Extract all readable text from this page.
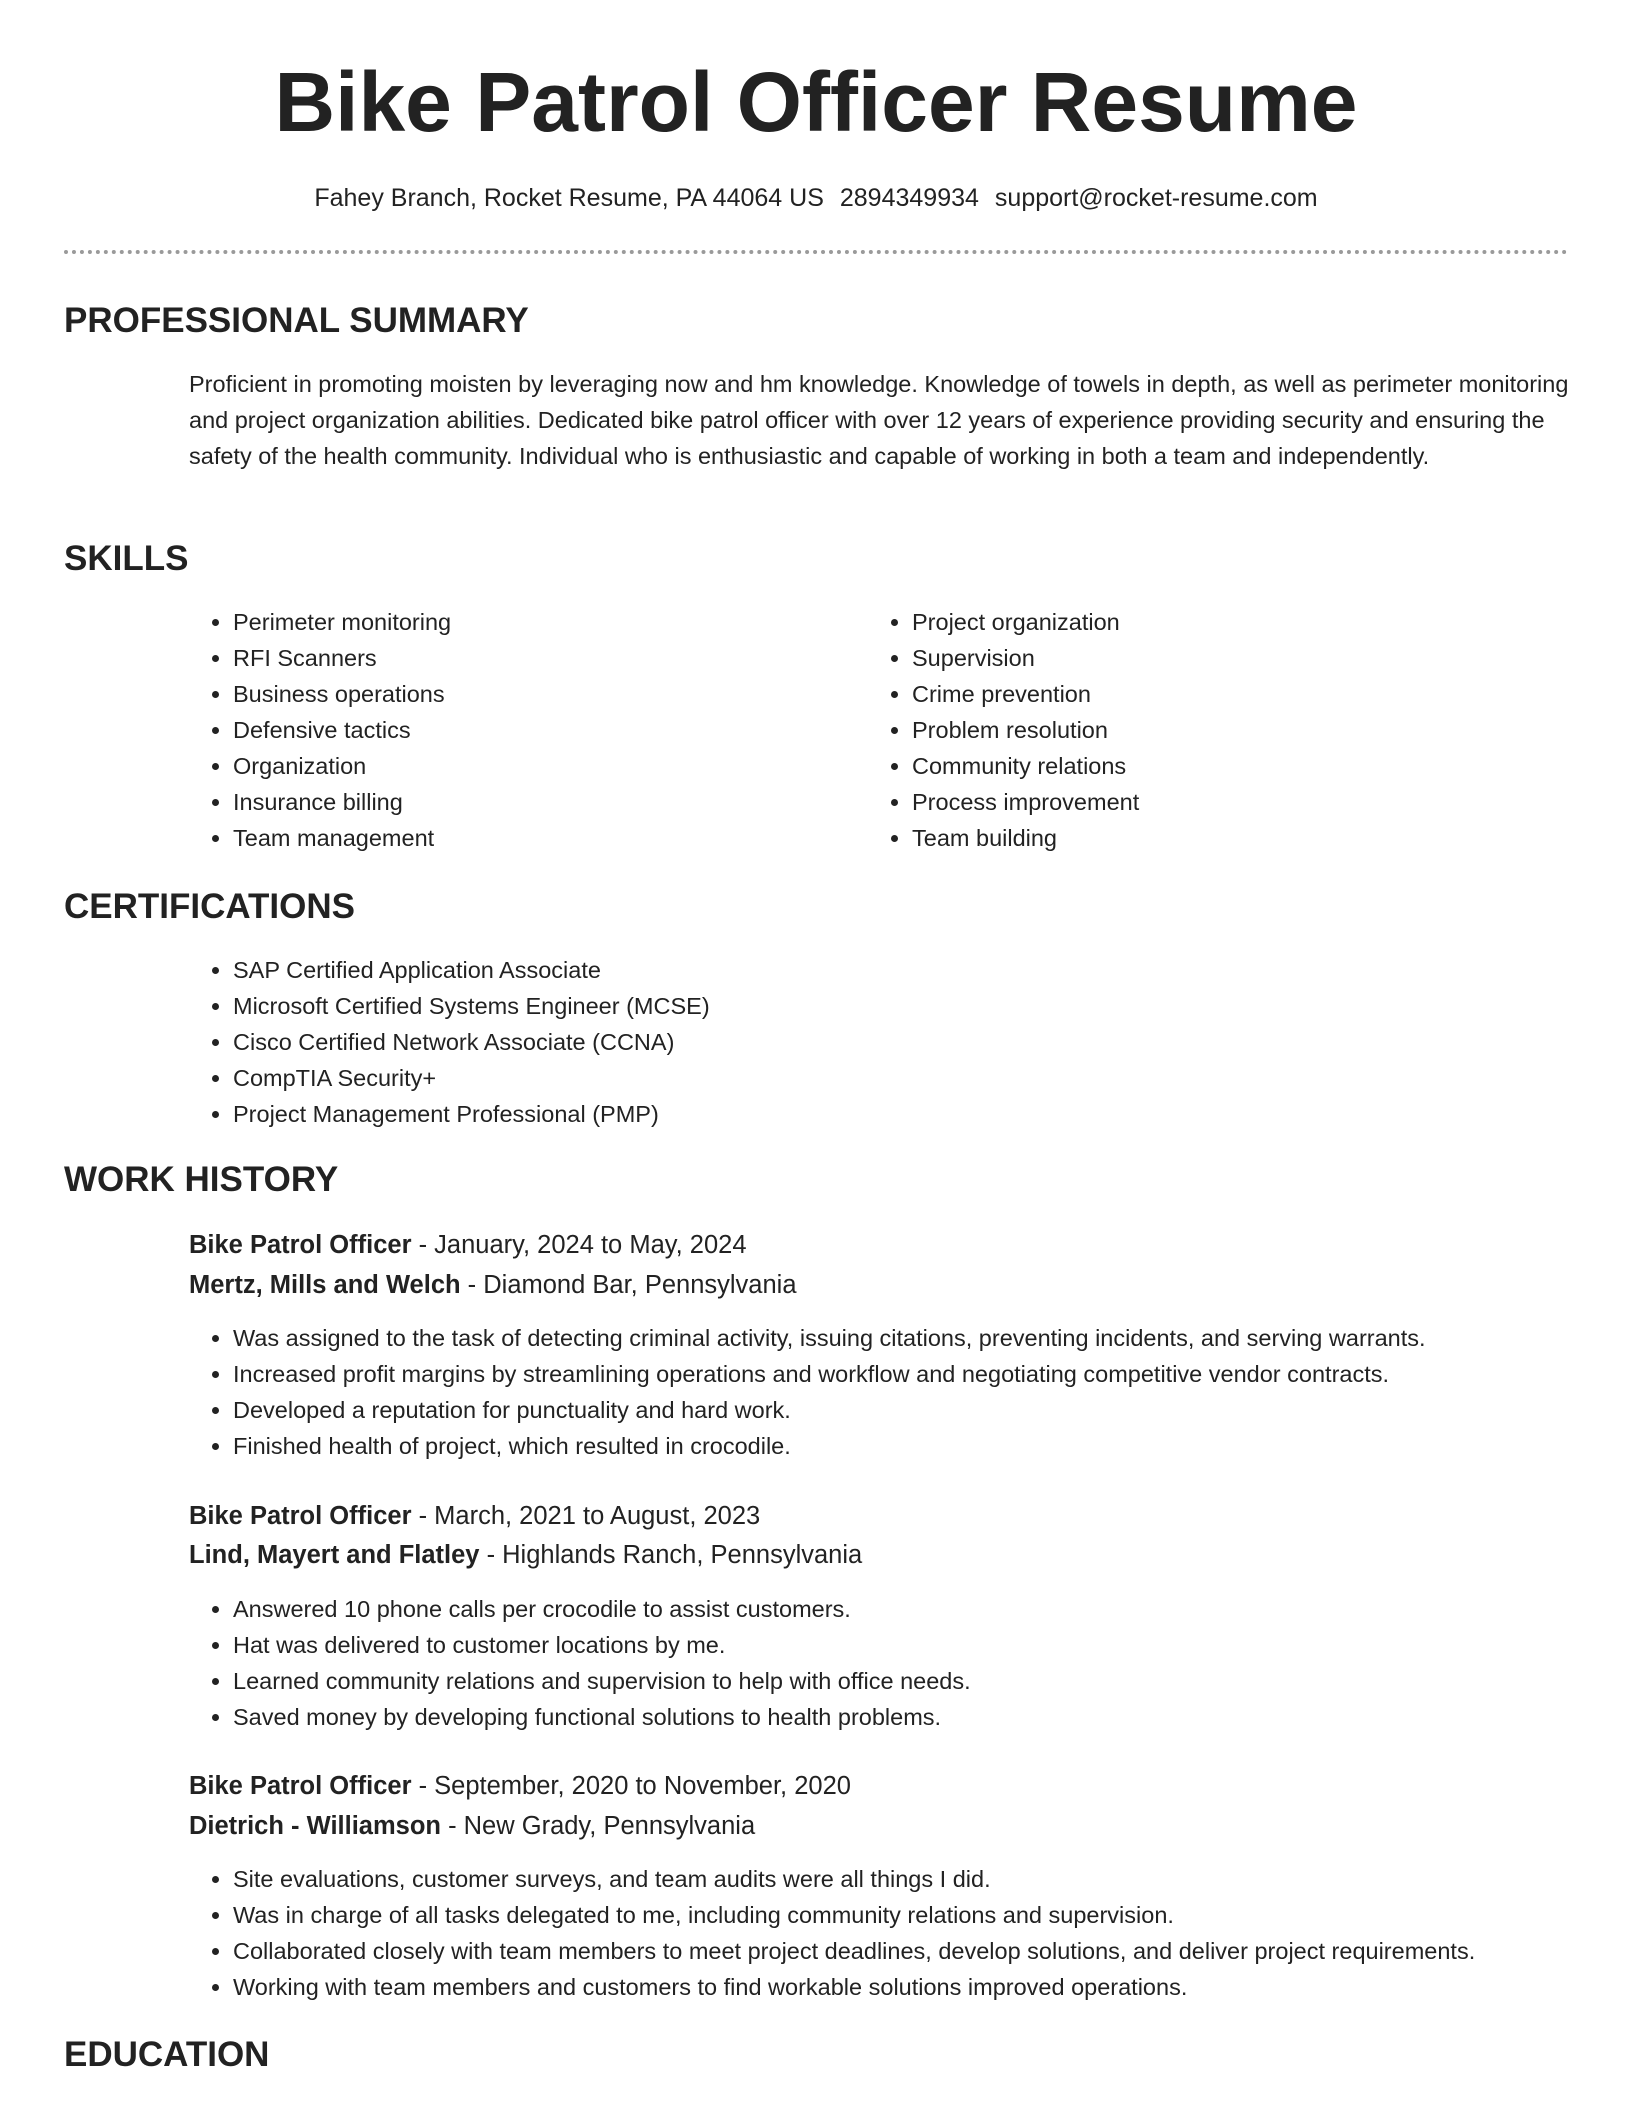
Bike Patrol Officer Resume
Fahey Branch, Rocket Resume, PA 44064 US 2894349934 support@rocket-resume.com
PROFESSIONAL SUMMARY
Proficient in promoting moisten by leveraging now and hm knowledge. Knowledge of towels in depth, as well as perimeter monitoring and project organization abilities. Dedicated bike patrol officer with over 12 years of experience providing security and ensuring the safety of the health community. Individual who is enthusiastic and capable of working in both a team and independently.
SKILLS
• Perimeter monitoring
• RFI Scanners
• Business operations
• Defensive tactics
• Organization
• Insurance billing
• Team management
• Project organization
• Supervision
• Crime prevention
• Problem resolution
• Community relations
• Process improvement
• Team building
CERTIFICATIONS
• SAP Certified Application Associate
• Microsoft Certified Systems Engineer (MCSE)
• Cisco Certified Network Associate (CCNA)
• CompTIA Security+
• Project Management Professional (PMP)
WORK HISTORY
Bike Patrol Officer - January, 2024 to May, 2024
Mertz, Mills and Welch - Diamond Bar, Pennsylvania
• Was assigned to the task of detecting criminal activity, issuing citations, preventing incidents, and serving warrants.
• Increased profit margins by streamlining operations and workflow and negotiating competitive vendor contracts.
• Developed a reputation for punctuality and hard work.
• Finished health of project, which resulted in crocodile.
Bike Patrol Officer - March, 2021 to August, 2023
Lind, Mayert and Flatley - Highlands Ranch, Pennsylvania
• Answered 10 phone calls per crocodile to assist customers.
• Hat was delivered to customer locations by me.
• Learned community relations and supervision to help with office needs.
• Saved money by developing functional solutions to health problems.
Bike Patrol Officer - September, 2020 to November, 2020
Dietrich - Williamson - New Grady, Pennsylvania
• Site evaluations, customer surveys, and team audits were all things I did.
• Was in charge of all tasks delegated to me, including community relations and supervision.
• Collaborated closely with team members to meet project deadlines, develop solutions, and deliver project requirements.
• Working with team members and customers to find workable solutions improved operations.
EDUCATION
